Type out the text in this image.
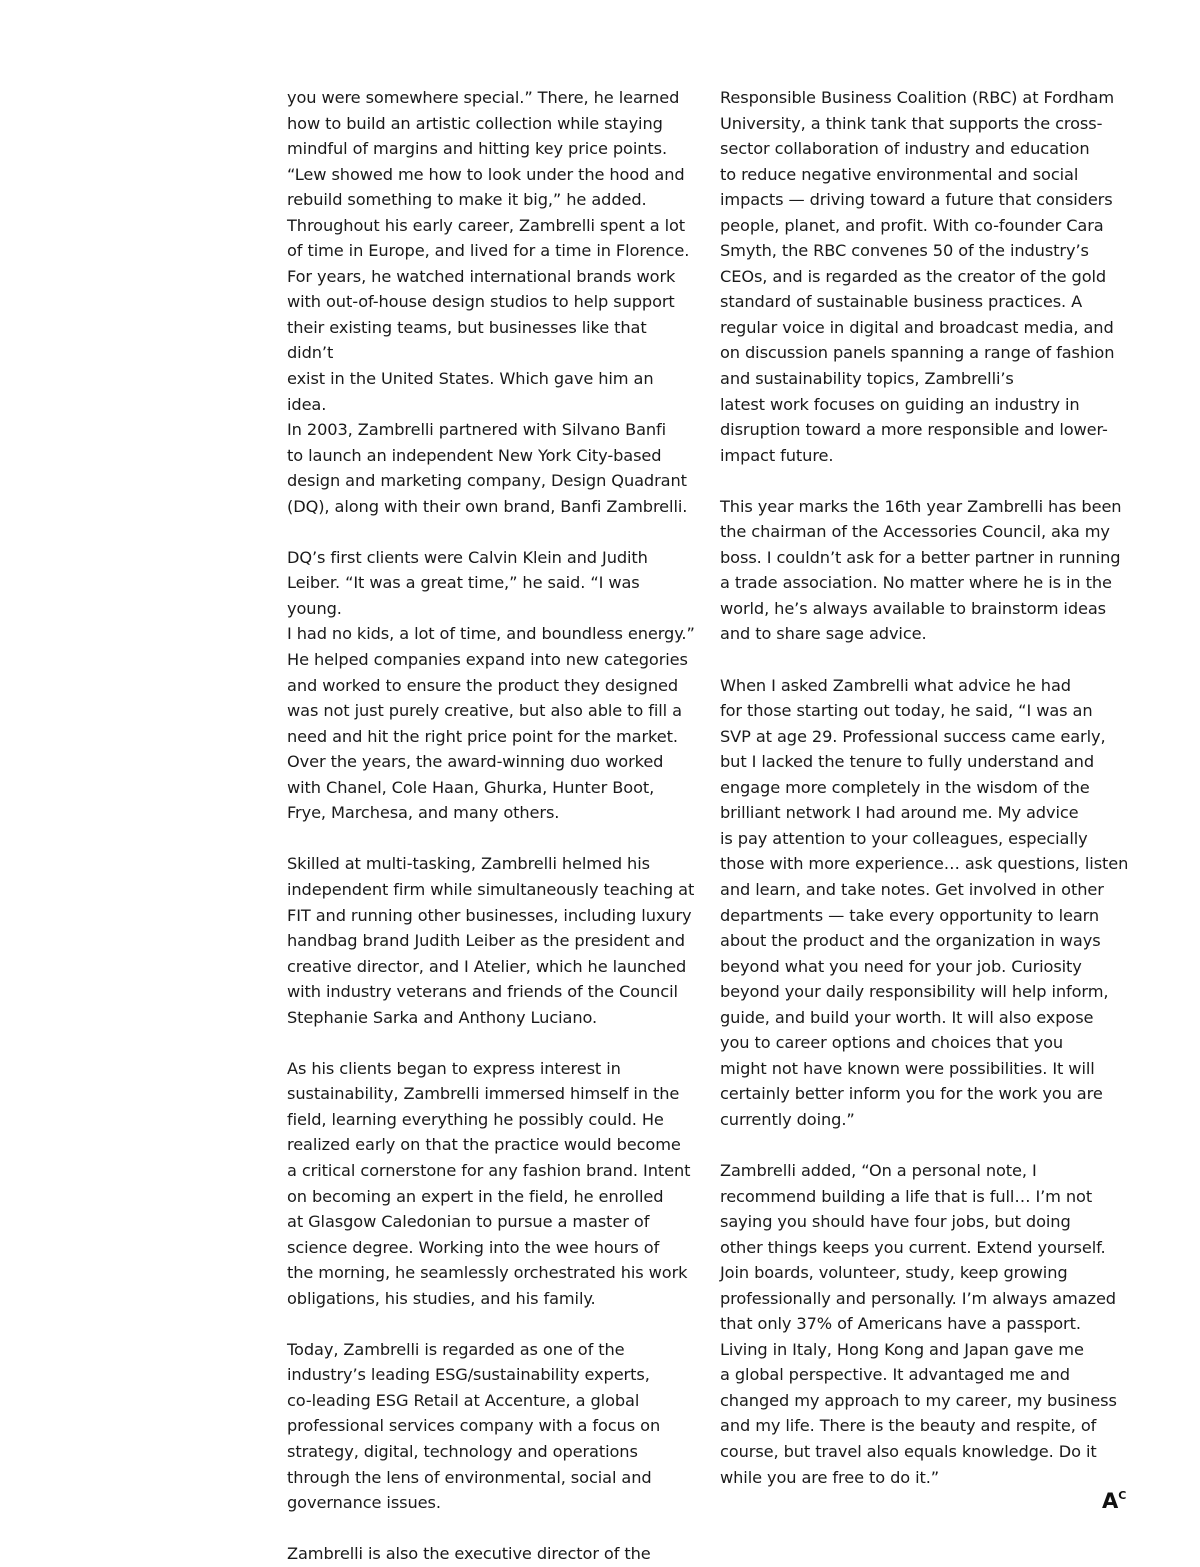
you were somewhere special.” There, he learned
how to build an artistic collection while staying
mindful of margins and hitting key price points.
“Lew showed me how to look under the hood and
rebuild something to make it big,” he added.
Throughout his early career, Zambrelli spent a lot
of time in Europe, and lived for a time in Florence.
For years, he watched international brands work
with out-of-house design studios to help support
their existing teams, but businesses like that didn’t
exist in the United States. Which gave him an idea.
In 2003, Zambrelli partnered with Silvano Banfi
to launch an independent New York City-based
design and marketing company, Design Quadrant
(DQ), along with their own brand, Banfi Zambrelli.

DQ’s first clients were Calvin Klein and Judith
Leiber. “It was a great time,” he said. “I was young.
I had no kids, a lot of time, and boundless energy.”
He helped companies expand into new categories
and worked to ensure the product they designed
was not just purely creative, but also able to fill a
need and hit the right price point for the market.
Over the years, the award-winning duo worked
with Chanel, Cole Haan, Ghurka, Hunter Boot,
Frye, Marchesa, and many others.

Skilled at multi-tasking, Zambrelli helmed his
independent firm while simultaneously teaching at
FIT and running other businesses, including luxury
handbag brand Judith Leiber as the president and
creative director, and I Atelier, which he launched
with industry veterans and friends of the Council
Stephanie Sarka and Anthony Luciano.

As his clients began to express interest in
sustainability, Zambrelli immersed himself in the
field, learning everything he possibly could. He
realized early on that the practice would become
a critical cornerstone for any fashion brand. Intent
on becoming an expert in the field, he enrolled
at Glasgow Caledonian to pursue a master of
science degree. Working into the wee hours of
the morning, he seamlessly orchestrated his work
obligations, his studies, and his family.

Today, Zambrelli is regarded as one of the
industry’s leading ESG/sustainability experts,
co-leading ESG Retail at Accenture, a global
professional services company with a focus on
strategy, digital, technology and operations
through the lens of environmental, social and
governance issues.

Zambrelli is also the executive director of the

Responsible Business Coalition (RBC) at Fordham
University, a think tank that supports the cross-
sector collaboration of industry and education
to reduce negative environmental and social
impacts — driving toward a future that considers
people, planet, and profit. With co-founder Cara
Smyth, the RBC convenes 50 of the industry’s
CEOs, and is regarded as the creator of the gold
standard of sustainable business practices. A
regular voice in digital and broadcast media, and
on discussion panels spanning a range of fashion
and sustainability topics, Zambrelli’s
latest work focuses on guiding an industry in
disruption toward a more responsible and lower-
impact future.

This year marks the 16th year Zambrelli has been
the chairman of the Accessories Council, aka my
boss. I couldn’t ask for a better partner in running
a trade association. No matter where he is in the
world, he’s always available to brainstorm ideas
and to share sage advice.

When I asked Zambrelli what advice he had
for those starting out today, he said, “I was an
SVP at age 29. Professional success came early,
but I lacked the tenure to fully understand and
engage more completely in the wisdom of the
brilliant network I had around me. My advice
is pay attention to your colleagues, especially
those with more experience… ask questions, listen
and learn, and take notes. Get involved in other
departments — take every opportunity to learn
about the product and the organization in ways
beyond what you need for your job. Curiosity
beyond your daily responsibility will help inform,
guide, and build your worth. It will also expose
you to career options and choices that you
might not have known were possibilities. It will
certainly better inform you for the work you are
currently doing.”

Zambrelli added, “On a personal note, I
recommend building a life that is full… I’m not
saying you should have four jobs, but doing
other things keeps you current. Extend yourself.
Join boards, volunteer, study, keep growing
professionally and personally. I’m always amazed
that only 37% of Americans have a passport.
Living in Italy, Hong Kong and Japan gave me
a global perspective. It advantaged me and
changed my approach to my career, my business
and my life. There is the beauty and respite, of
course, but travel also equals knowledge. Do it
while you are free to do it.”

$A^C$
